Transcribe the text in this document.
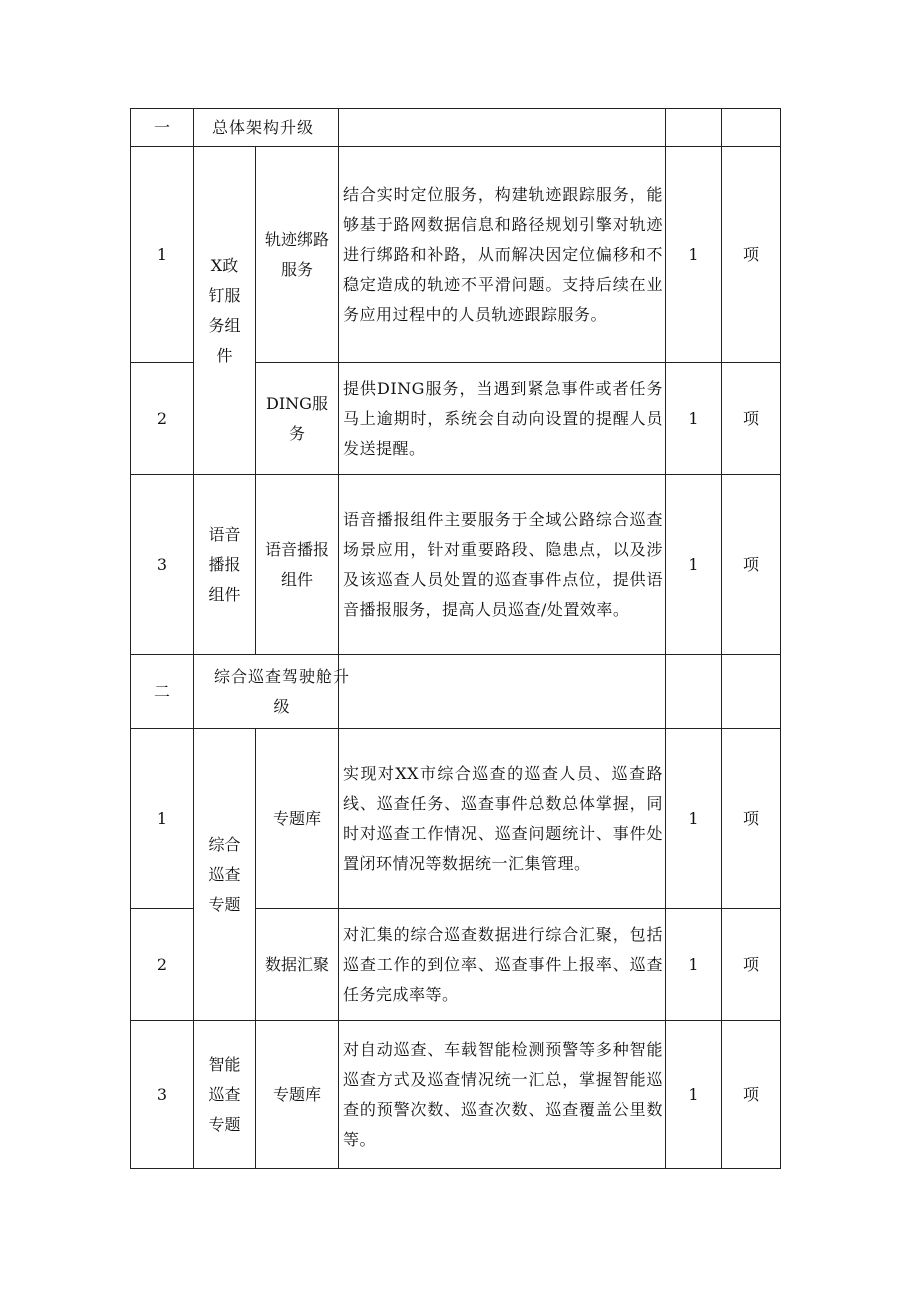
一	总体架构升级				
1	X政钉服务组件	轨迹绑路服务	结合实时定位服务，构建轨迹跟踪服务，能够基于路网数据信息和路径规划引擎对轨迹进行绑路和补路，从而解决因定位偏移和不稳定造成的轨迹不平滑问题。支持后续在业务应用过程中的人员轨迹跟踪服务。	1	项
2		DING服务	提供DING服务，当遇到紧急事件或者任务马上逾期时，系统会自动向设置的提醒人员发送提醒。	1	项
3	语音播报组件	语音播报组件	语音播报组件主要服务于全域公路综合巡查场景应用，针对重要路段、隐患点，以及涉及该巡查人员处置的巡查事件点位，提供语音播报服务，提高人员巡查/处置效率。	1	项
二	综合巡查驾驶舱升级				

1	综合巡查专题	专题库	实现对XX市综合巡查的巡查人员、巡查路线、巡查任务、巡查事件总数总体掌握，同时对巡查工作情况、巡查问题统计、事件处置闭环情况等数据统一汇集管理。	1	项
2		数据汇聚	对汇集的综合巡查数据进行综合汇聚，包括巡查工作的到位率、巡查事件上报率、巡查任务完成率等。	1	项
3	智能巡查专题	专题库	对自动巡查、车载智能检测预警等多种智能巡查方式及巡查情况统一汇总，掌握智能巡查的预警次数、巡查次数、巡查覆盖公里数等。	1	项
